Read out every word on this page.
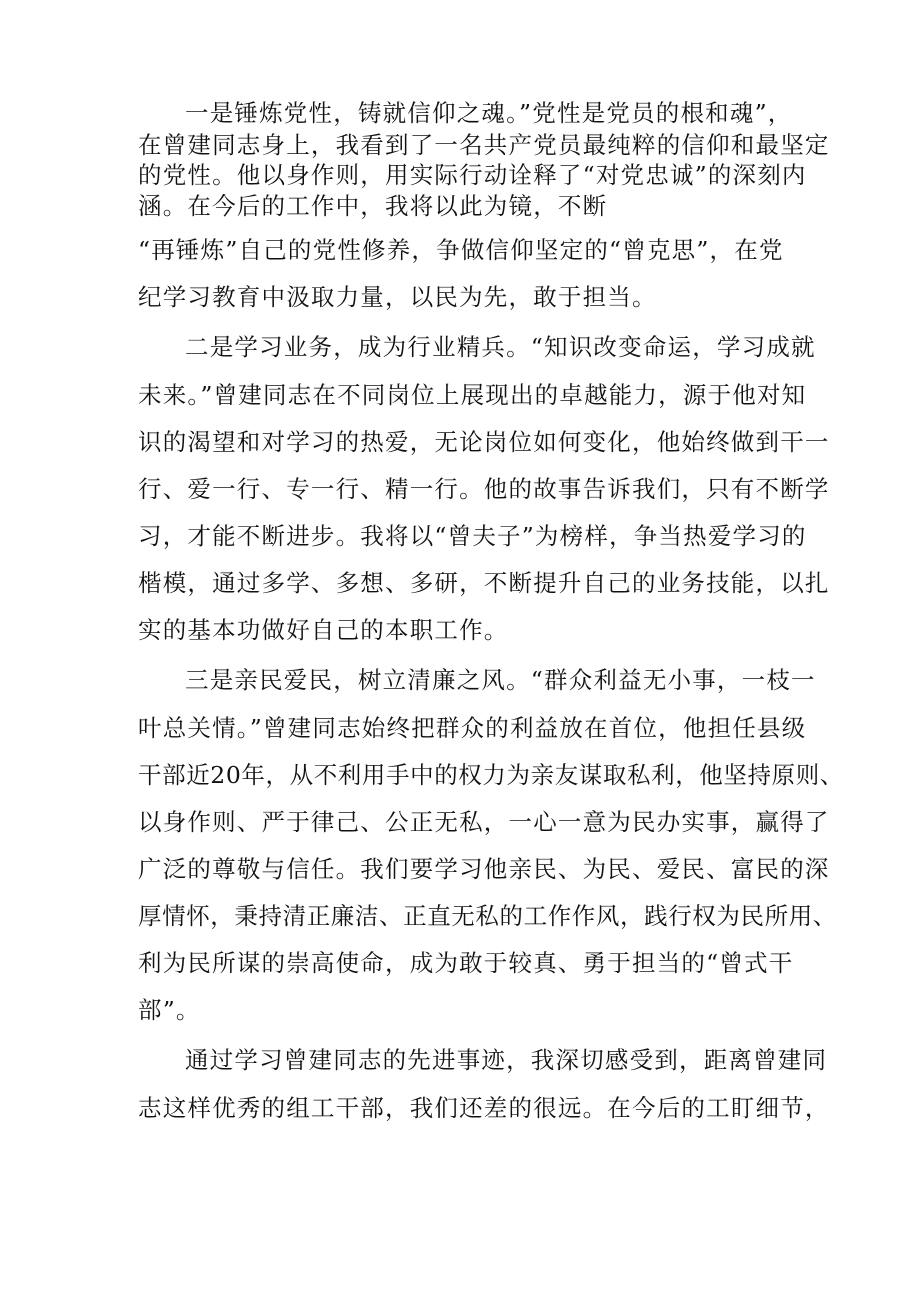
一是锤炼党性，铸就信仰之魂。”党性是党员的根和魂”，
在曾建同志身上，我看到了一名共产党员最纯粹的信仰和最坚定
的党性。他以身作则，用实际行动诠释了“对党忠诚”的深刻内
涵。在今后的工作中，我将以此为镜，不断
“再锤炼”自己的党性修养，争做信仰坚定的“曾克思”，在党
纪学习教育中汲取力量，以民为先，敢于担当。
二是学习业务，成为行业精兵。“知识改变命运，学习成就
未来。”曾建同志在不同岗位上展现出的卓越能力，源于他对知
识的渴望和对学习的热爱，无论岗位如何变化，他始终做到干一
行、爱一行、专一行、精一行。他的故事告诉我们，只有不断学
习，才能不断进步。我将以“曾夫子”为榜样，争当热爱学习的
楷模，通过多学、多想、多研，不断提升自己的业务技能，以扎
实的基本功做好自己的本职工作。
三是亲民爱民，树立清廉之风。“群众利益无小事，一枝一
叶总关情。”曾建同志始终把群众的利益放在首位，他担任县级
干部近20年，从不利用手中的权力为亲友谋取私利，他坚持原则、
以身作则、严于律己、公正无私，一心一意为民办实事，赢得了
广泛的尊敬与信任。我们要学习他亲民、为民、爱民、富民的深
厚情怀，秉持清正廉洁、正直无私的工作作风，践行权为民所用、
利为民所谋的崇高使命，成为敢于较真、勇于担当的“曾式干
部”。
通过学习曾建同志的先进事迹，我深切感受到，距离曾建同
志这样优秀的组工干部，我们还差的很远。在今后的工盯细节，
